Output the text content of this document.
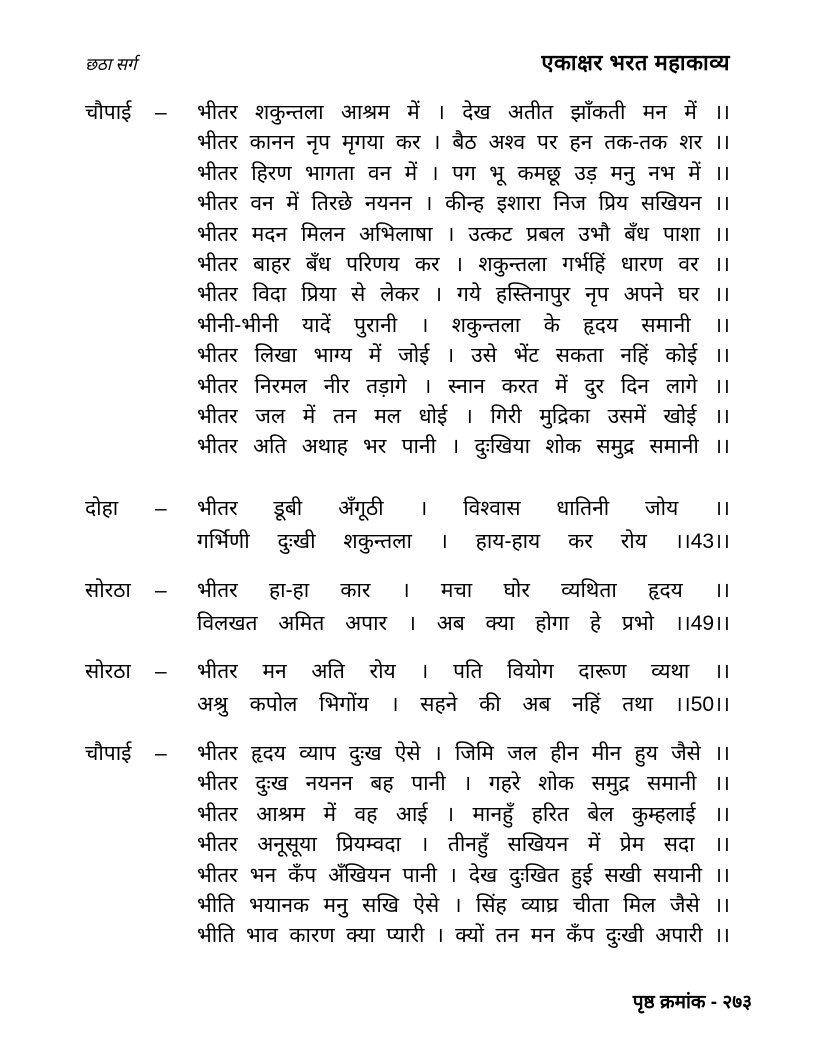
छठा सर्ग	एकाक्षर भरत महाकाव्य
चौपाई	–	भीतर शकुन्तला आश्रम में । देख अतीत झाँकती मन में ।।
भीतर कानन नृप मृगया कर । बैठ अश्व पर हन तक-तक शर ।।
भीतर हिरण भागता वन में । पग भू कमछू उड़ मनु नभ में ।।
भीतर वन में तिरछे नयनन । कीन्ह इशारा निज प्रिय सखियन ।।
भीतर मदन मिलन अभिलाषा । उत्कट प्रबल उभौ बँध पाशा ।।
भीतर बाहर बँध परिणय कर । शकुन्तला गर्भहिं धारण वर ।।
भीतर विदा प्रिया से लेकर । गये हस्तिनापुर नृप अपने घर ।।
भीनी-भीनी यादें पुरानी । शकुन्तला के हृदय समानी ।।
भीतर लिखा भाग्य में जोई । उसे भेंट सकता नहिं कोई ।।
भीतर निरमल नीर तड़ागे । स्नान करत में दुर दिन लागे ।।
भीतर जल में तन मल धोई । गिरी मुद्रिका उसमें खोई ।।
भीतर अति अथाह भर पानी । दुःखिया शोक समुद्र समानी ।।
दोहा	–	भीतर डूबी अँगूठी । विश्वास धातिनी जोय ।।
गर्भिणी दुःखी शकुन्तला । हाय-हाय कर रोय ।।43।।
सोरठा	–	भीतर हा-हा कार । मचा घोर व्यथिता हृदय ।।
विलखत अमित अपार । अब क्या होगा हे प्रभो ।।49।।
सोरठा	–	भीतर मन अति रोय । पति वियोग दारूण व्यथा ।।
अश्रु कपोल भिगोंय । सहने की अब नहिं तथा ।।50।।
चौपाई	–	भीतर हृदय व्याप दुःख ऐसे । जिमि जल हीन मीन हुय जैसे ।।
भीतर दुःख नयनन बह पानी । गहरे शोक समुद्र समानी ।।
भीतर आश्रम में वह आई । मानहुँ हरित बेल कुम्हलाई ।।
भीतर अनूसूया प्रियम्वदा । तीनहुँ सखियन में प्रेम सदा ।।
भीतर भन कँप अँखियन पानी । देख दुःखित हुई सखी सयानी ।।
भीति भयानक मनु सखि ऐसे । सिंह व्याघ्र चीता मिल जैसे ।।
भीति भाव कारण क्या प्यारी । क्यों तन मन कँप दुःखी अपारी ।।
पृष्ठ क्रमांक - २७३
